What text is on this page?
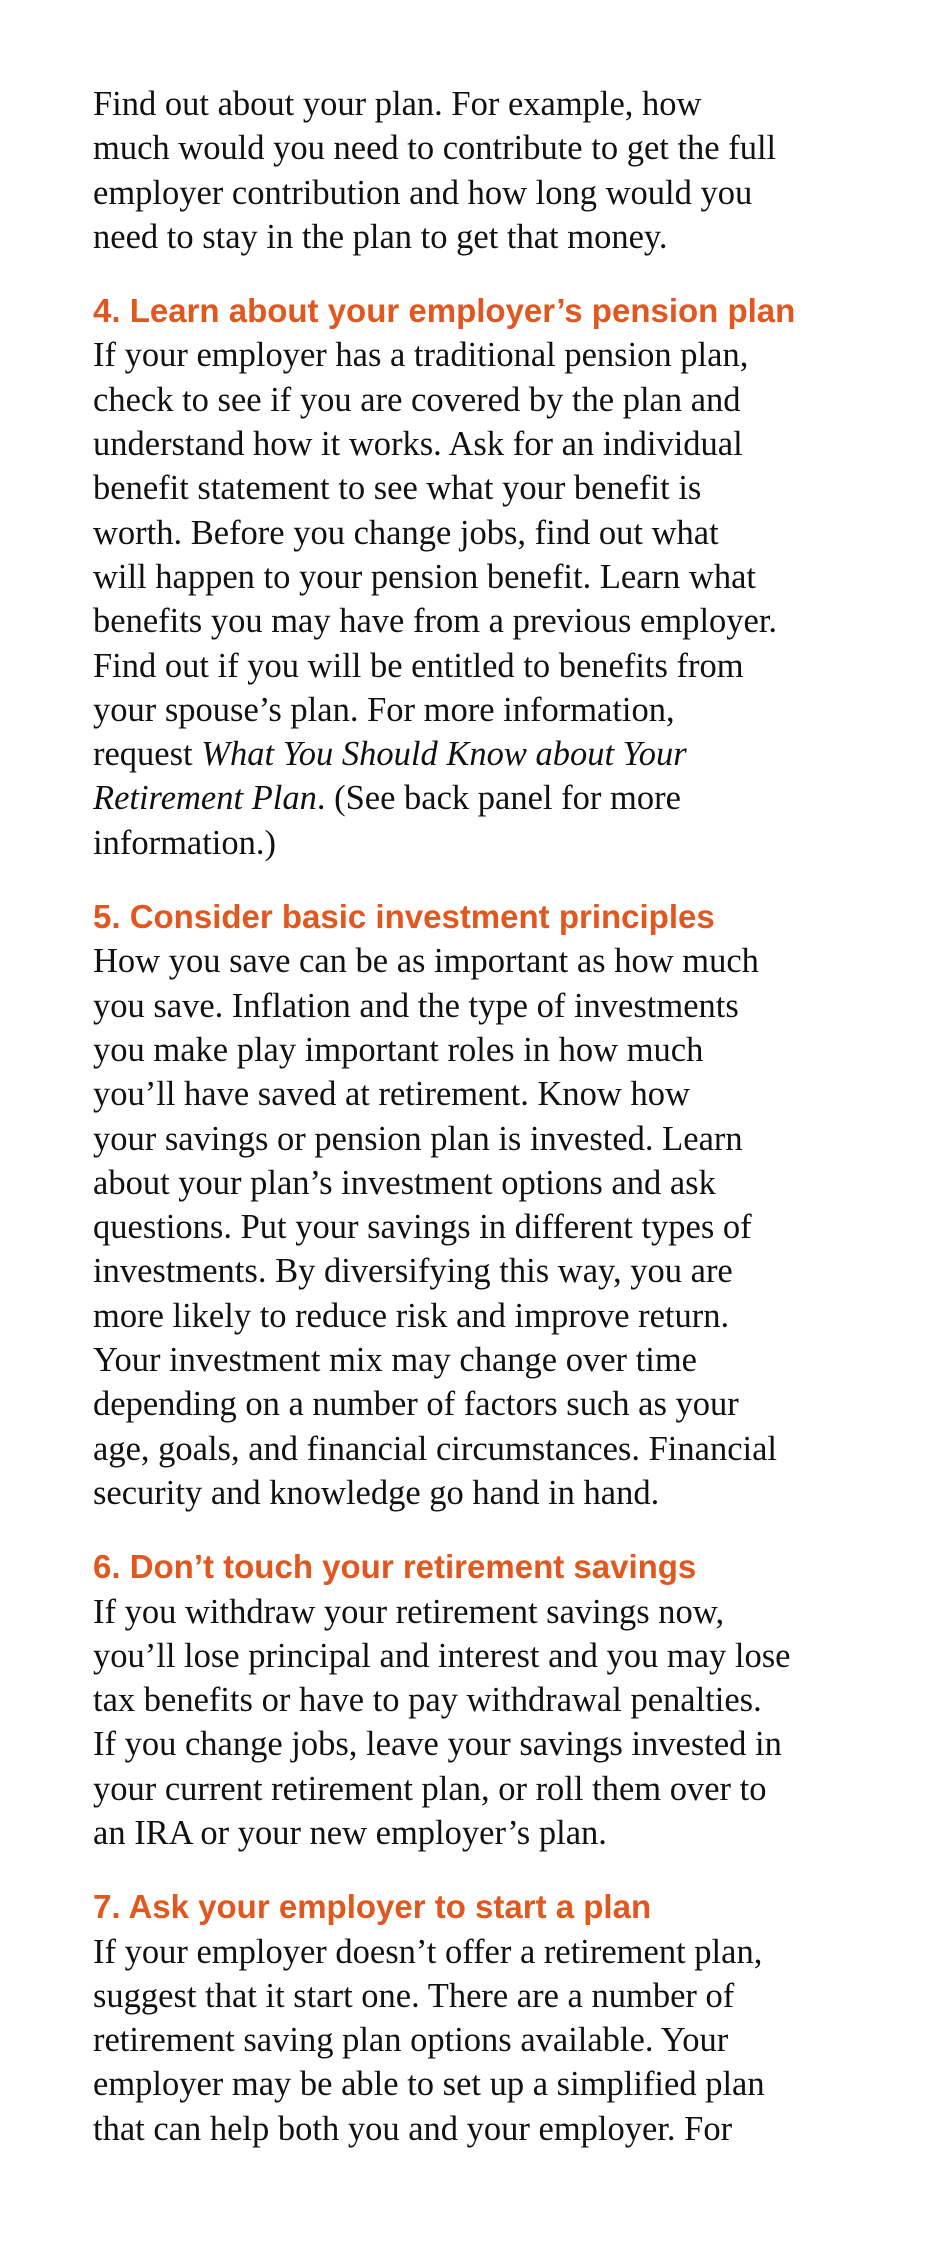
Find out about your plan. For example, how
much would you need to contribute to get the full
employer contribution and how long would you
need to stay in the plan to get that money.

4. Learn about your employer’s pension plan

If your employer has a traditional pension plan,
check to see if you are covered by the plan and
understand how it works. Ask for an individual
benefit statement to see what your benefit is
worth. Before you change jobs, find out what
will happen to your pension benefit. Learn what
benefits you may have from a previous employer.
Find out if you will be entitled to benefits from
your spouse’s plan. For more information,
request What You Should Know about Your
Retirement Plan. (See back panel for more
information.)

5. Consider basic investment principles

How you save can be as important as how much
you save. Inflation and the type of investments
you make play important roles in how much
you’ll have saved at retirement. Know how
your savings or pension plan is invested. Learn
about your plan’s investment options and ask
questions. Put your savings in different types of
investments. By diversifying this way, you are
more likely to reduce risk and improve return.
Your investment mix may change over time
depending on a number of factors such as your
age, goals, and financial circumstances. Financial
security and knowledge go hand in hand.

6. Don’t touch your retirement savings

If you withdraw your retirement savings now,
you’ll lose principal and interest and you may lose
tax benefits or have to pay withdrawal penalties.
If you change jobs, leave your savings invested in
your current retirement plan, or roll them over to
an IRA or your new employer’s plan.

7. Ask your employer to start a plan

If your employer doesn’t offer a retirement plan,
suggest that it start one. There are a number of
retirement saving plan options available. Your
employer may be able to set up a simplified plan
that can help both you and your employer. For
